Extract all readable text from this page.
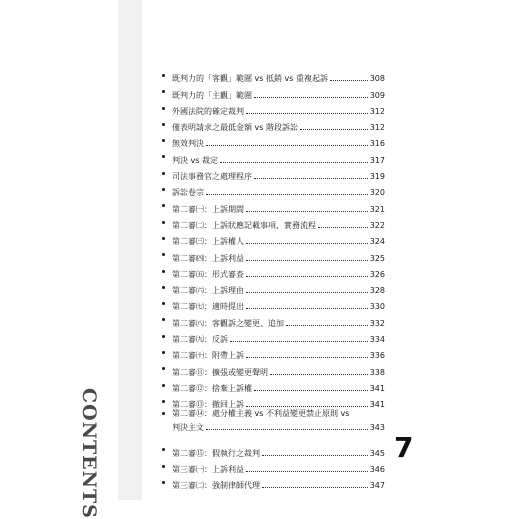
CONTENTS
既判力的「客觀」範圍 vs 抵銷 vs 重複起訴	308
既判力的「主觀」範圍	309
外國法院的確定裁判	312
僅表明請求之最低金額 vs 階段訴訟	312
無效判決	316
判決 vs 裁定	317
司法事務官之處理程序	319
訴訟卷宗	320
第二審㈠：上訴期間	321
第二審㈡：上訴狀應記載事項、實務流程	322
第二審㈢：上訴權人	324
第二審㈣：上訴利益	325
第二審㈤：形式審查	326
第二審㈥：上訴理由	328
第二審㈦：適時提出	330
第二審㈧：客觀訴之變更、追加	332
第二審㈨：反訴	334
第二審㈩：附帶上訴	336
第二審⑪：擴張或變更聲明	338
第二審⑫：捨棄上訴權	341
第二審⑬：撤回上訴	341
第二審⑭：處分權主義 vs 不利益變更禁止原則 vs
判決主文	343
第二審⑮：假執行之裁判	345
第三審㈠：上訴利益	346
第三審㈡：強制律師代理	347
7
